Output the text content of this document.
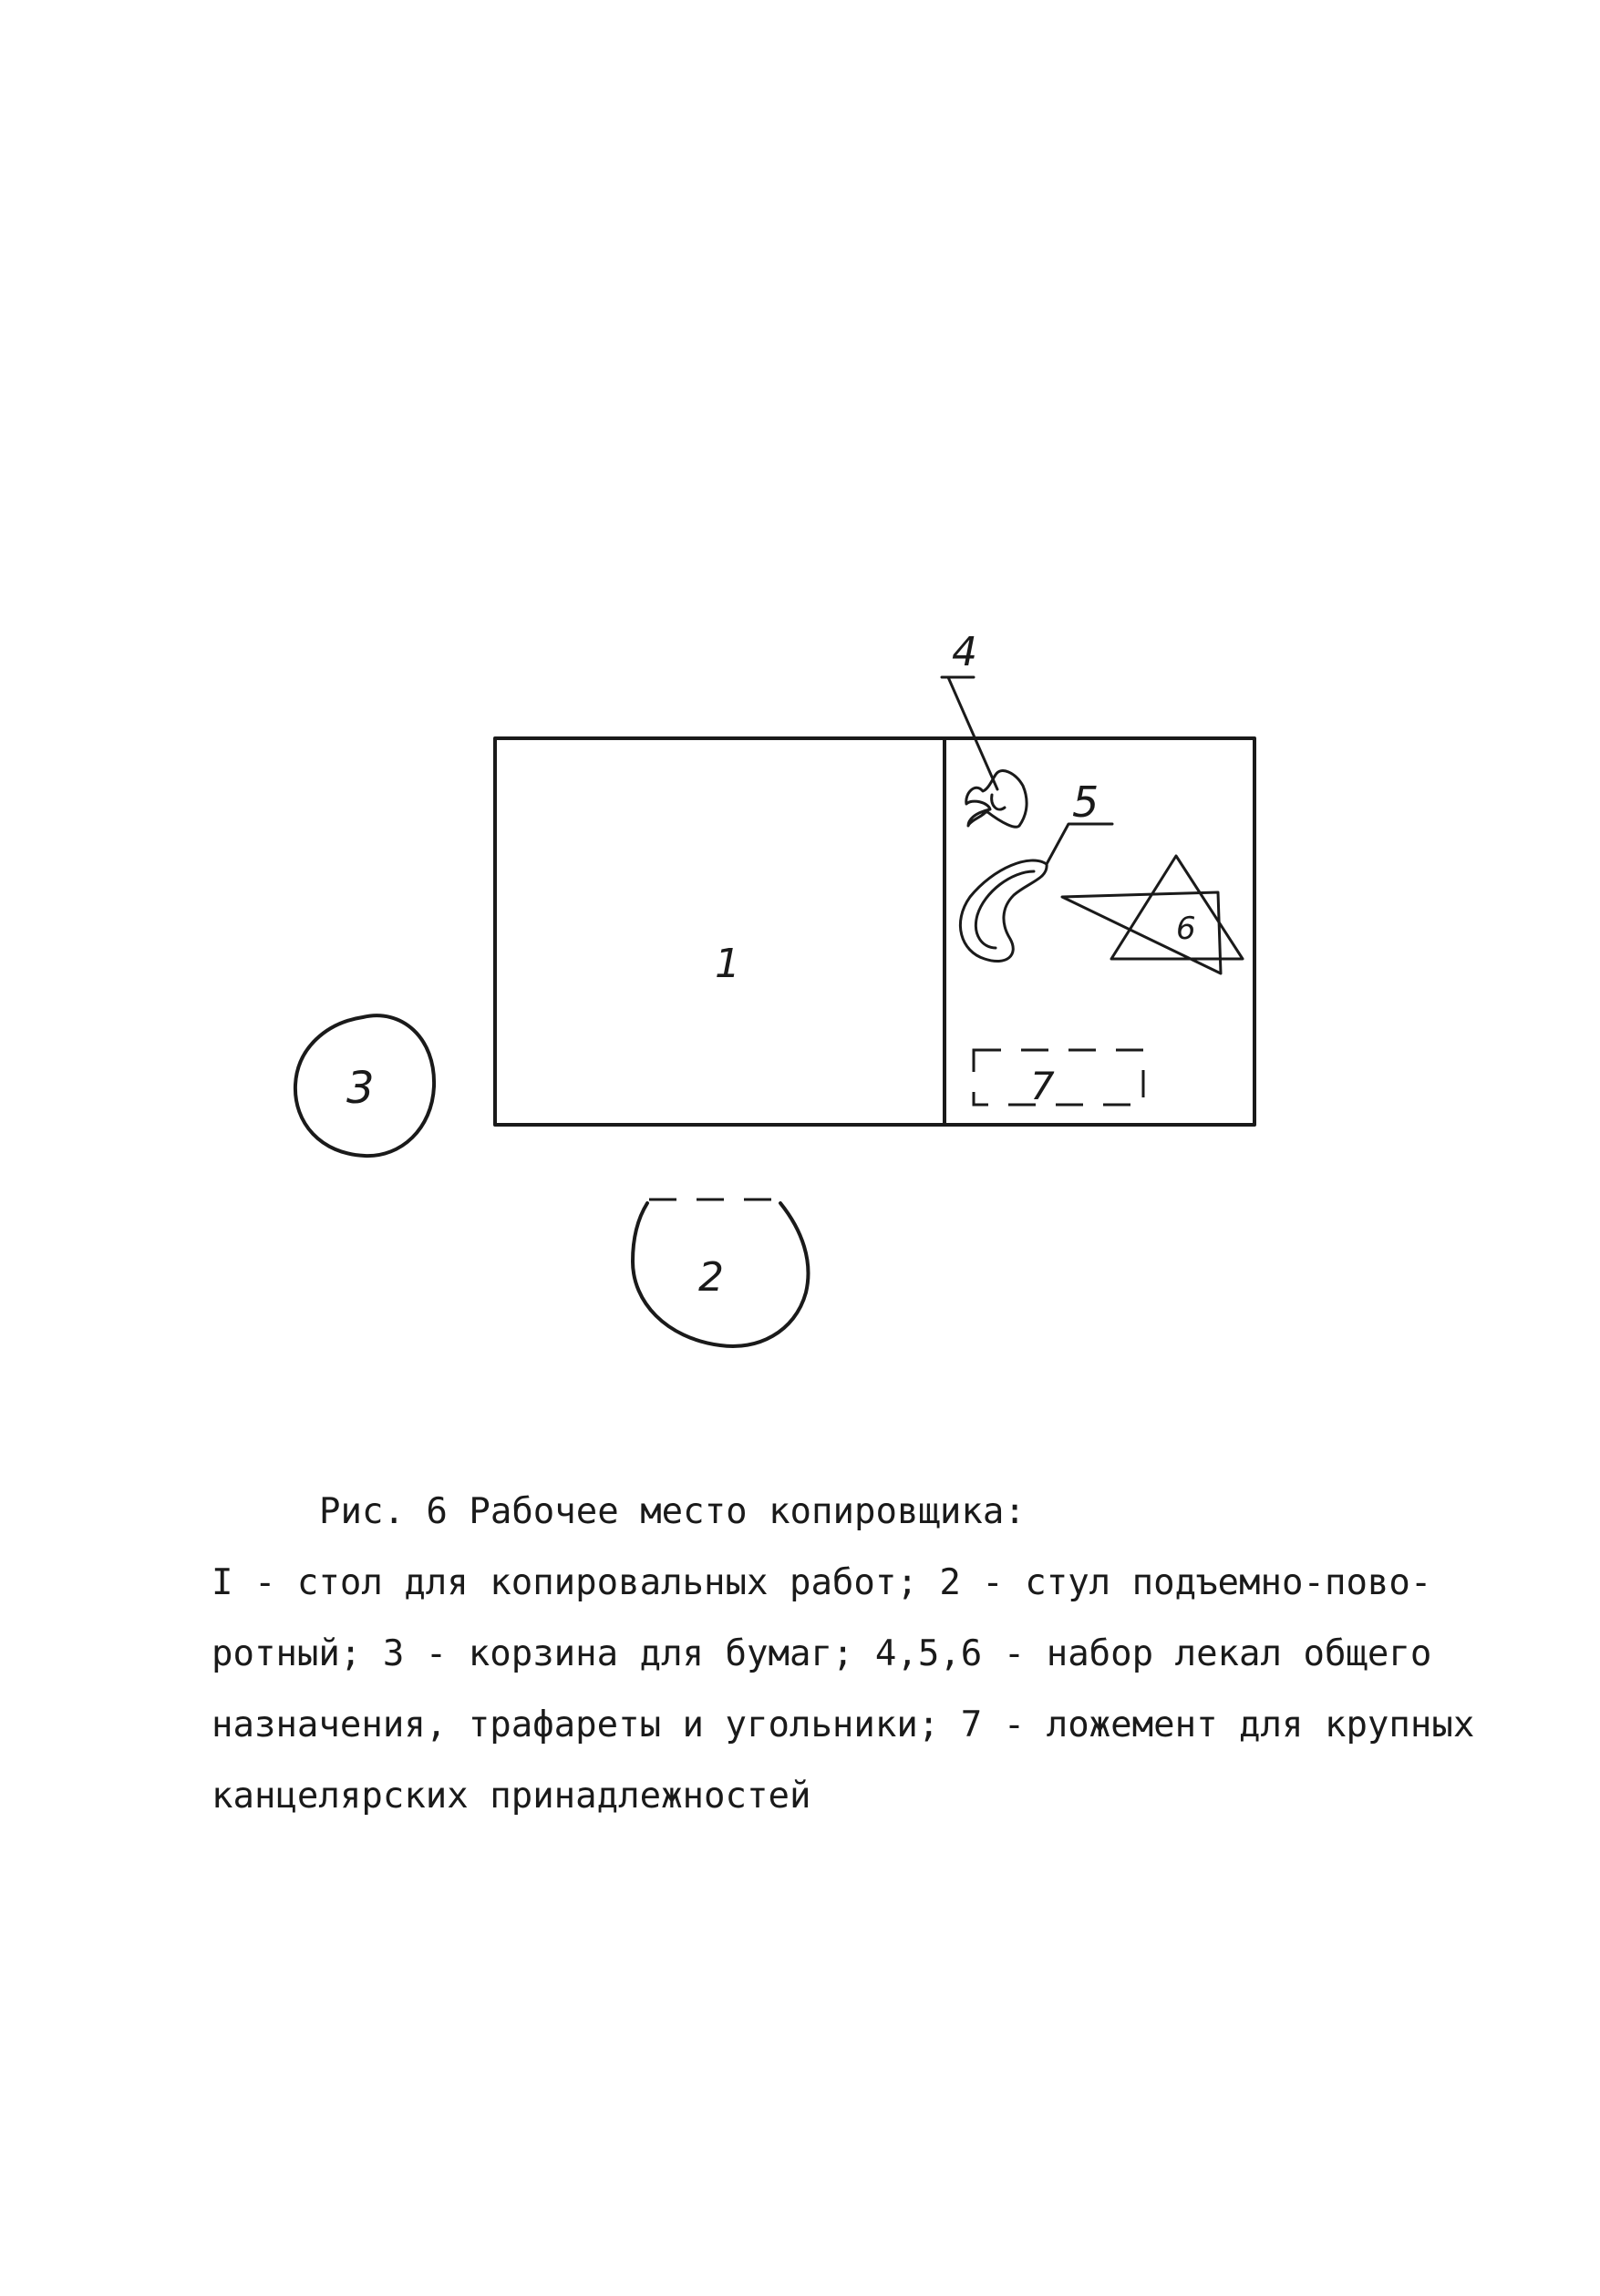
1
4
5
6
7
3
2
Рис. 6 Рабочее место копировщика:
I - стол для копировальных работ; 2 - стул подъемно-пово-
ротный; 3 - корзина для бумаг; 4,5,6 - набор лекал общего
назначения, трафареты и угольники; 7 - ложемент для крупных
канцелярских принадлежностей
